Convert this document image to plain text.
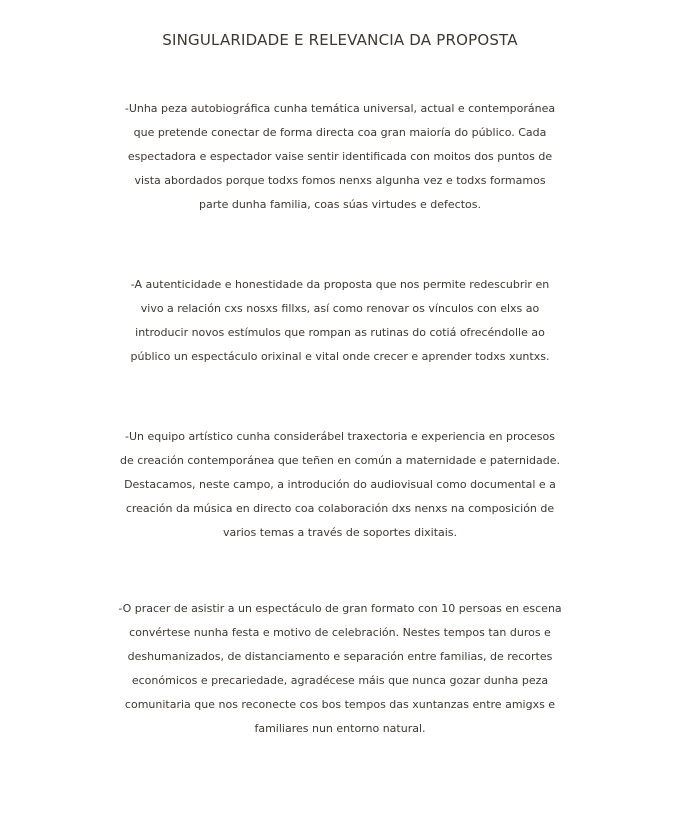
SINGULARIDADE E RELEVANCIA DA PROPOSTA
-Unha peza autobiográfica cunha temática universal, actual e contemporánea
que pretende conectar de forma directa coa gran maioría do público. Cada
espectadora e espectador vaise sentir identificada con moitos dos puntos de
vista abordados porque todxs fomos nenxs algunha vez e todxs formamos
parte dunha familia, coas súas virtudes e defectos.
-A autenticidade e honestidade da proposta que nos permite redescubrir en
vivo a relación cxs nosxs fillxs, así como renovar os vínculos con elxs ao
introducir novos estímulos que rompan as rutinas do cotiá ofrecéndolle ao
público un espectáculo orixinal e vital onde crecer e aprender todxs xuntxs.
-Un equipo artístico cunha considerábel traxectoria e experiencia en procesos
de creación contemporánea que teñen en común a maternidade e paternidade.
Destacamos, neste campo, a introdución do audiovisual como documental e a
creación da música en directo coa colaboración dxs nenxs na composición de
varios temas a través de soportes dixitais.
-O pracer de asistir a un espectáculo de gran formato con 10 persoas en escena
convértese nunha festa e motivo de celebración. Nestes tempos tan duros e
deshumanizados, de distanciamento e separación entre familias, de recortes
económicos e precariedade, agradécese máis que nunca gozar dunha peza
comunitaria que nos reconecte cos bos tempos das xuntanzas entre amigxs e
familiares nun entorno natural.
